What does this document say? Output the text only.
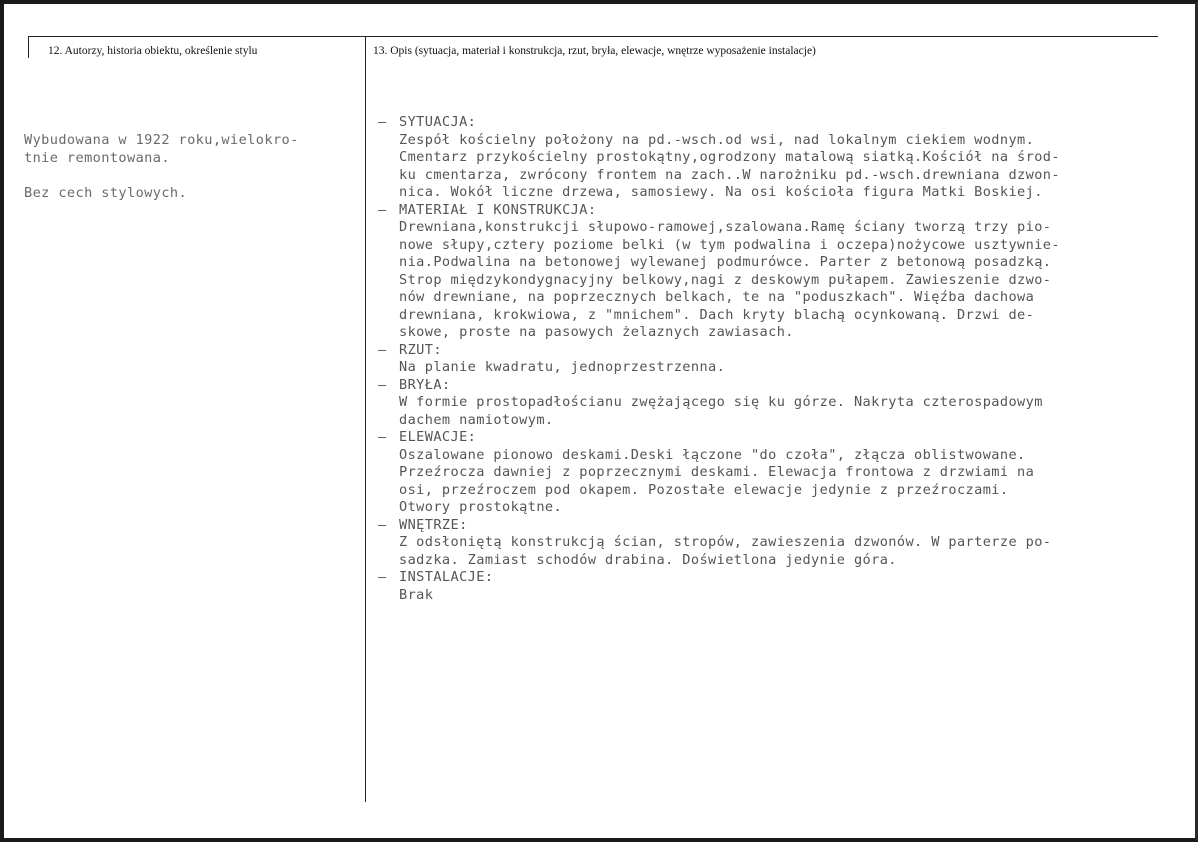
12. Autorzy, historia obiektu, określenie stylu	13. Opis (sytuacja, materiał i konstrukcja, rzut, bryła, elewacje, wnętrze wyposażenie instalacje)

Wybudowana w 1922 roku,wielokro-

tnie remontowana.

Bez cech stylowych.

– SYTUACJA:

Zespół kościelny położony na pd.-wsch.od wsi, nad lokalnym ciekiem wodnym.

Cmentarz przykościelny prostokątny,ogrodzony matalową siatką.Kościół na środ-

ku cmentarza, zwrócony frontem na zach..W narożniku pd.-wsch.drewniana dzwon-

nica. Wokół liczne drzewa, samosiewy. Na osi kościoła figura Matki Boskiej.

– MATERIAŁ I KONSTRUKCJA:

Drewniana,konstrukcji słupowo-ramowej,szalowana.Ramę ściany tworzą trzy pio-

nowe słupy,cztery poziome belki (w tym podwalina i oczepa)nożycowe usztywnie-

nia.Podwalina na betonowej wylewanej podmurówce. Parter z betonową posadzką.

Strop międzykondygnacyjny belkowy,nagi z deskowym pułapem. Zawieszenie dzwo-

nów drewniane, na poprzecznych belkach, te na "poduszkach". Więźba dachowa

drewniana, krokwiowa, z "mnichem". Dach kryty blachą ocynkowaną. Drzwi de-

skowe, proste na pasowych żelaznych zawiasach.

– RZUT:

Na planie kwadratu, jednoprzestrzenna.

– BRYŁA:

W formie prostopadłościanu zwężającego się ku górze. Nakryta czterospadowym

dachem namiotowym.

– ELEWACJE:

Oszalowane pionowo deskami.Deski łączone "do czoła", złącza oblistwowane.

Przeźrocza dawniej z poprzecznymi deskami. Elewacja frontowa z drzwiami na

osi, przeźroczem pod okapem. Pozostałe elewacje jedynie z przeźroczami.

Otwory prostokątne.

– WNĘTRZE:

Z odsłoniętą konstrukcją ścian, stropów, zawieszenia dzwonów. W parterze po-

sadzka. Zamiast schodów drabina. Doświetlona jedynie góra.

– INSTALACJE:

Brak
